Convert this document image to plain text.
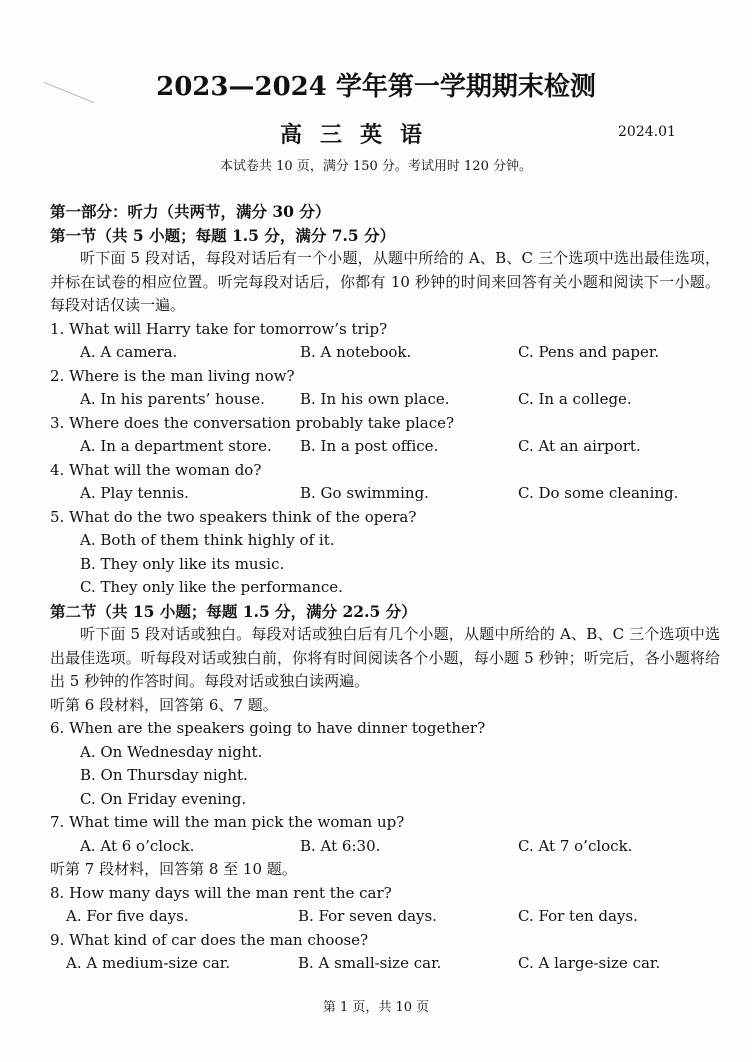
2023—2024 学年第一学期期末检测
高三英语	2024.01
本试卷共 10 页，满分 150 分。考试用时 120 分钟。
第一部分：听力（共两节，满分 30 分）
第一节（共 5 小题；每题 1.5 分，满分 7.5 分）
听下面 5 段对话，每段对话后有一个小题，从题中所给的 A、B、C 三个选项中选出最佳选项，并标在试卷的相应位置。听完每段对话后，你都有 10 秒钟的时间来回答有关小题和阅读下一小题。每段对话仅读一遍。
1. What will Harry take for tomorrow’s trip?
A. A camera.	B. A notebook.	C. Pens and paper.
2. Where is the man living now?
A. In his parents’ house.	B. In his own place.	C. In a college.
3. Where does the conversation probably take place?
A. In a department store.	B. In a post office.	C. At an airport.
4. What will the woman do?
A. Play tennis.	B. Go swimming.	C. Do some cleaning.
5. What do the two speakers think of the opera?
A. Both of them think highly of it.
B. They only like its music.
C. They only like the performance.
第二节（共 15 小题；每题 1.5 分，满分 22.5 分）
听下面 5 段对话或独白。每段对话或独白后有几个小题，从题中所给的 A、B、C 三个选项中选出最佳选项。听每段对话或独白前，你将有时间阅读各个小题，每小题 5 秒钟；听完后，各小题将给出 5 秒钟的作答时间。每段对话或独白读两遍。
听第 6 段材料，回答第 6、7 题。
6. When are the speakers going to have dinner together?
A. On Wednesday night.
B. On Thursday night.
C. On Friday evening.
7. What time will the man pick the woman up?
A. At 6 o’clock.	B. At 6:30.	C. At 7 o’clock.
听第 7 段材料，回答第 8 至 10 题。
8. How many days will the man rent the car?
A. For five days.	B. For seven days.	C. For ten days.
9. What kind of car does the man choose?
A. A medium-size car.	B. A small-size car.	C. A large-size car.
第 1 页，共 10 页
